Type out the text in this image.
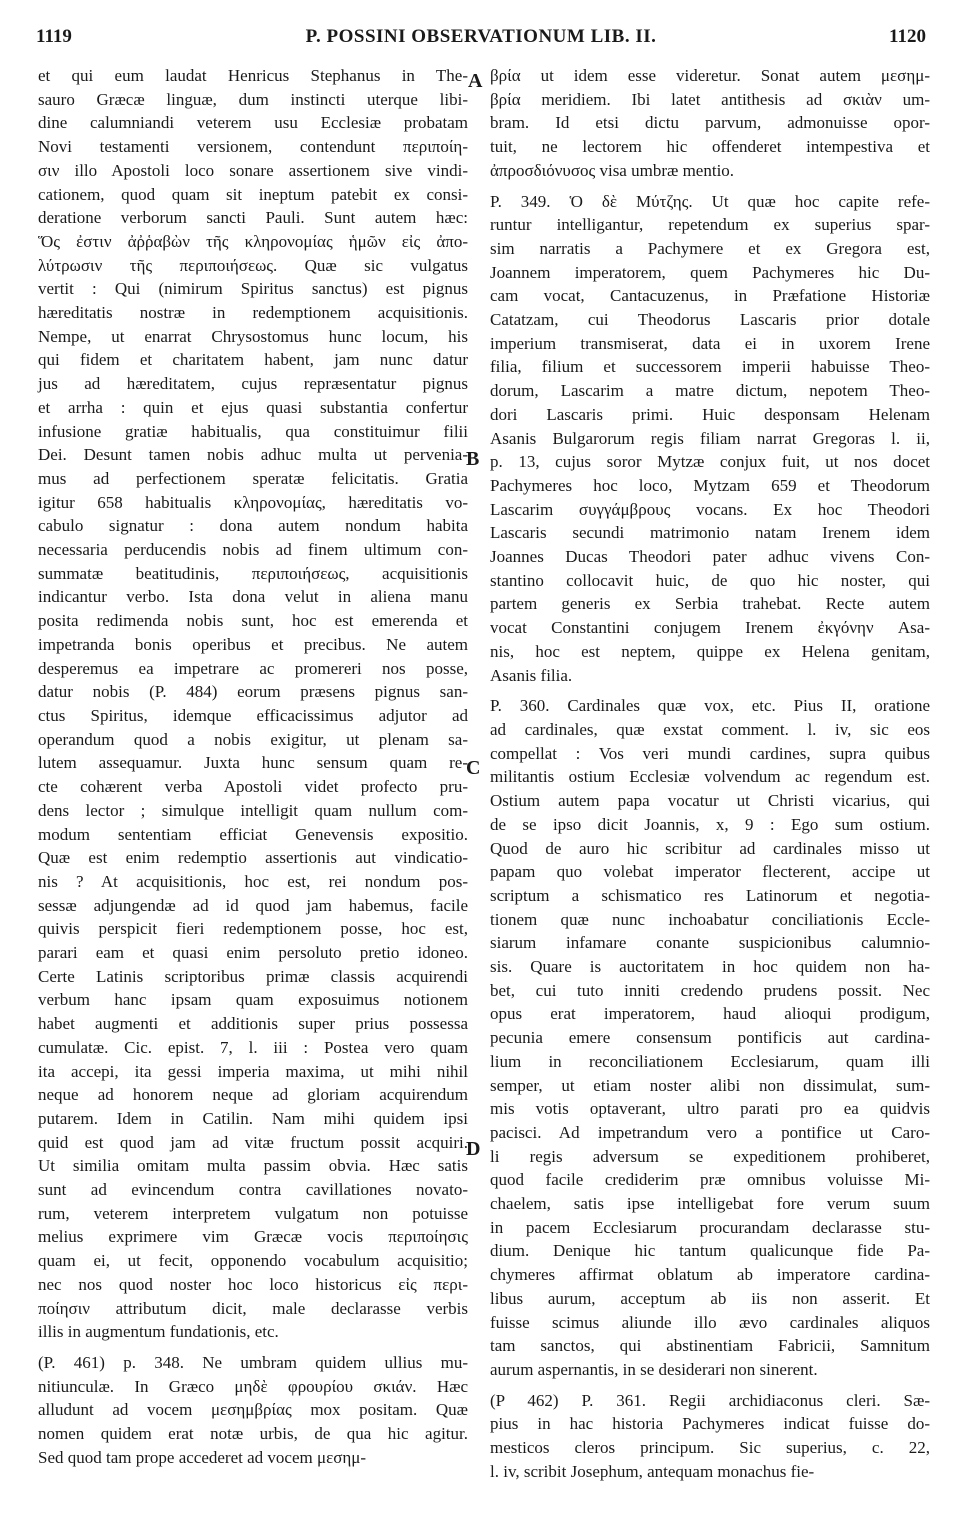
1119	P. POSSINI OBSERVATIONUM LIB. II.	1120
A
B
C
D

et qui eum laudat Henricus Stephanus in The-
sauro Græcæ linguæ, dum instincti uterque libi-
dine calumniandi veterem usu Ecclesiæ probatam
Novi testamenti versionem, contendunt περιποίη-
σιν illo Apostoli loco sonare assertionem sive vindi-
cationem, quod quam sit ineptum patebit ex consi-
deratione verborum sancti Pauli. Sunt autem hæc:
Ὅς ἐστιν ἀῤῥαβὼν τῆς κληρονομίας ἡμῶν εἰς ἀπο-
λύτρωσιν τῆς περιποιήσεως. Quæ sic vulgatus
vertit : Qui (nimirum Spiritus sanctus) est pignus
hæreditatis nostræ in redemptionem acquisitionis.
Nempe, ut enarrat Chrysostomus hunc locum, his
qui fidem et charitatem habent, jam nunc datur
jus ad hæreditatem, cujus repræsentatur pignus
et arrha : quin et ejus quasi substantia confertur
infusione gratiæ habitualis, qua constituimur filii
Dei. Desunt tamen nobis adhuc multa ut pervenia-
mus ad perfectionem speratæ felicitatis. Gratia
igitur 658 habitualis κληρονομίας, hæreditatis vo-
cabulo signatur : dona autem nondum habita
necessaria perducendis nobis ad finem ultimum con-
summatæ beatitudinis, περιποιήσεως, acquisitionis
indicantur verbo. Ista dona velut in aliena manu
posita redimenda nobis sunt, hoc est emerenda et
impetranda bonis operibus et precibus. Ne autem
desperemus ea impetrare ac promereri nos posse,
datur nobis (P. 484) eorum præsens pignus san-
ctus Spiritus, idemque efficacissimus adjutor ad
operandum quod a nobis exigitur, ut plenam sa-
lutem assequamur. Juxta hunc sensum quam re-
cte cohærent verba Apostoli videt profecto pru-
dens lector ; simulque intelligit quam nullum com-
modum sententiam efficiat Genevensis expositio.
Quæ est enim redemptio assertionis aut vindicatio-
nis ? At acquisitionis, hoc est, rei nondum pos-
sessæ adjungendæ ad id quod jam habemus, facile
quivis perspicit fieri redemptionem posse, hoc est,
parari eam et quasi enim persoluto pretio idoneo.
Certe Latinis scriptoribus primæ classis acquirendi
verbum hanc ipsam quam exposuimus notionem
habet augmenti et additionis super prius possessa
cumulatæ. Cic. epist. 7, l. iii : Postea vero quam
ita accepi, ita gessi imperia maxima, ut mihi nihil
neque ad honorem neque ad gloriam acquirendum
putarem. Idem in Catilin. Nam mihi quidem ipsi
quid est quod jam ad vitæ fructum possit acquiri.
Ut similia omitam multa passim obvia. Hæc satis
sunt ad evincendum contra cavillationes novato-
rum, veterem interpretem vulgatum non potuisse
melius exprimere vim Græcæ vocis περιποίησις
quam ei, ut fecit, opponendo vocabulum acquisitio;
nec nos quod noster hoc loco historicus εἰς περι-
ποίησιν attributum dicit, male declarasse verbis
illis in augmentum fundationis, etc.

(P. 461) p. 348. Ne umbram quidem ullius mu-
nitiunculæ. In Græco μηδὲ φρουρίου σκιάν. Hæc
alludunt ad vocem μεσημβρίας mox positam. Quæ
nomen quidem erat notæ urbis, de qua hic agitur.
Sed quod tam prope accederet ad vocem μεσημ-

βρία ut idem esse videretur. Sonat autem μεσημ-
βρία meridiem. Ibi latet antithesis ad σκιὰν um-
bram. Id etsi dictu parvum, admonuisse opor-
tuit, ne lectorem hic offenderet intempestiva et
ἀπροσδιόνυσος visa umbræ mentio.

P. 349. Ὁ δὲ Μύτζης. Ut quæ hoc capite refe-
runtur intelligantur, repetendum ex superius spar-
sim narratis a Pachymere et ex Gregora est,
Joannem imperatorem, quem Pachymeres hic Du-
cam vocat, Cantacuzenus, in Præfatione Historiæ
Catatzam, cui Theodorus Lascaris prior dotale
imperium transmiserat, data ei in uxorem Irene
filia, filium et successorem imperii habuisse Theo-
dorum, Lascarim a matre dictum, nepotem Theo-
dori Lascaris primi. Huic desponsam Helenam
Asanis Bulgarorum regis filiam narrat Gregoras l. ii,
p. 13, cujus soror Mytzæ conjux fuit, ut nos docet
Pachymeres hoc loco, Mytzam 659 et Theodorum
Lascarim συγγάμβρους vocans. Ex hoc Theodori
Lascaris secundi matrimonio natam Irenem idem
Joannes Ducas Theodori pater adhuc vivens Con-
stantino collocavit huic, de quo hic noster, qui
partem generis ex Serbia trahebat. Recte autem
vocat Constantini conjugem Irenem ἐκγόνην Asa-
nis, hoc est neptem, quippe ex Helena genitam,
Asanis filia.

P. 360. Cardinales quæ vox, etc. Pius II, oratione
ad cardinales, quæ exstat comment. l. iv, sic eos
compellat : Vos veri mundi cardines, supra quibus
militantis ostium Ecclesiæ volvendum ac regendum est.
Ostium autem papa vocatur ut Christi vicarius, qui
de se ipso dicit Joannis, x, 9 : Ego sum ostium.
Quod de auro hic scribitur ad cardinales misso ut
papam quo volebat imperator flecterent, accipe ut
scriptum a schismatico res Latinorum et negotia-
tionem quæ nunc inchoabatur conciliationis Eccle-
siarum infamare conante suspicionibus calumnio-
sis. Quare is auctoritatem in hoc quidem non ha-
bet, cui tuto inniti credendo prudens possit. Nec
opus erat imperatorem, haud alioqui prodigum,
pecunia emere consensum pontificis aut cardina-
lium in reconciliationem Ecclesiarum, quam illi
semper, ut etiam noster alibi non dissimulat, sum-
mis votis optaverant, ultro parati pro ea quidvis
pacisci. Ad impetrandum vero a pontifice ut Caro-
li regis adversum se expeditionem prohiberet,
quod facile crediderim præ omnibus voluisse Mi-
chaelem, satis ipse intelligebat fore verum suum
in pacem Ecclesiarum procurandam declarasse stu-
dium. Denique hic tantum qualicunque fide Pa-
chymeres affirmat oblatum ab imperatore cardina-
libus aurum, acceptum ab iis non asserit. Et
fuisse scimus aliunde illo ævo cardinales aliquos
tam sanctos, qui abstinentiam Fabricii, Samnitum
aurum aspernantis, in se desiderari non sinerent.

(P 462) P. 361. Regii archidiaconus cleri. Sæ-
pius in hac historia Pachymeres indicat fuisse do-
mesticos cleros principum. Sic superius, c. 22,
l. iv, scribit Josephum, antequam monachus fie-
